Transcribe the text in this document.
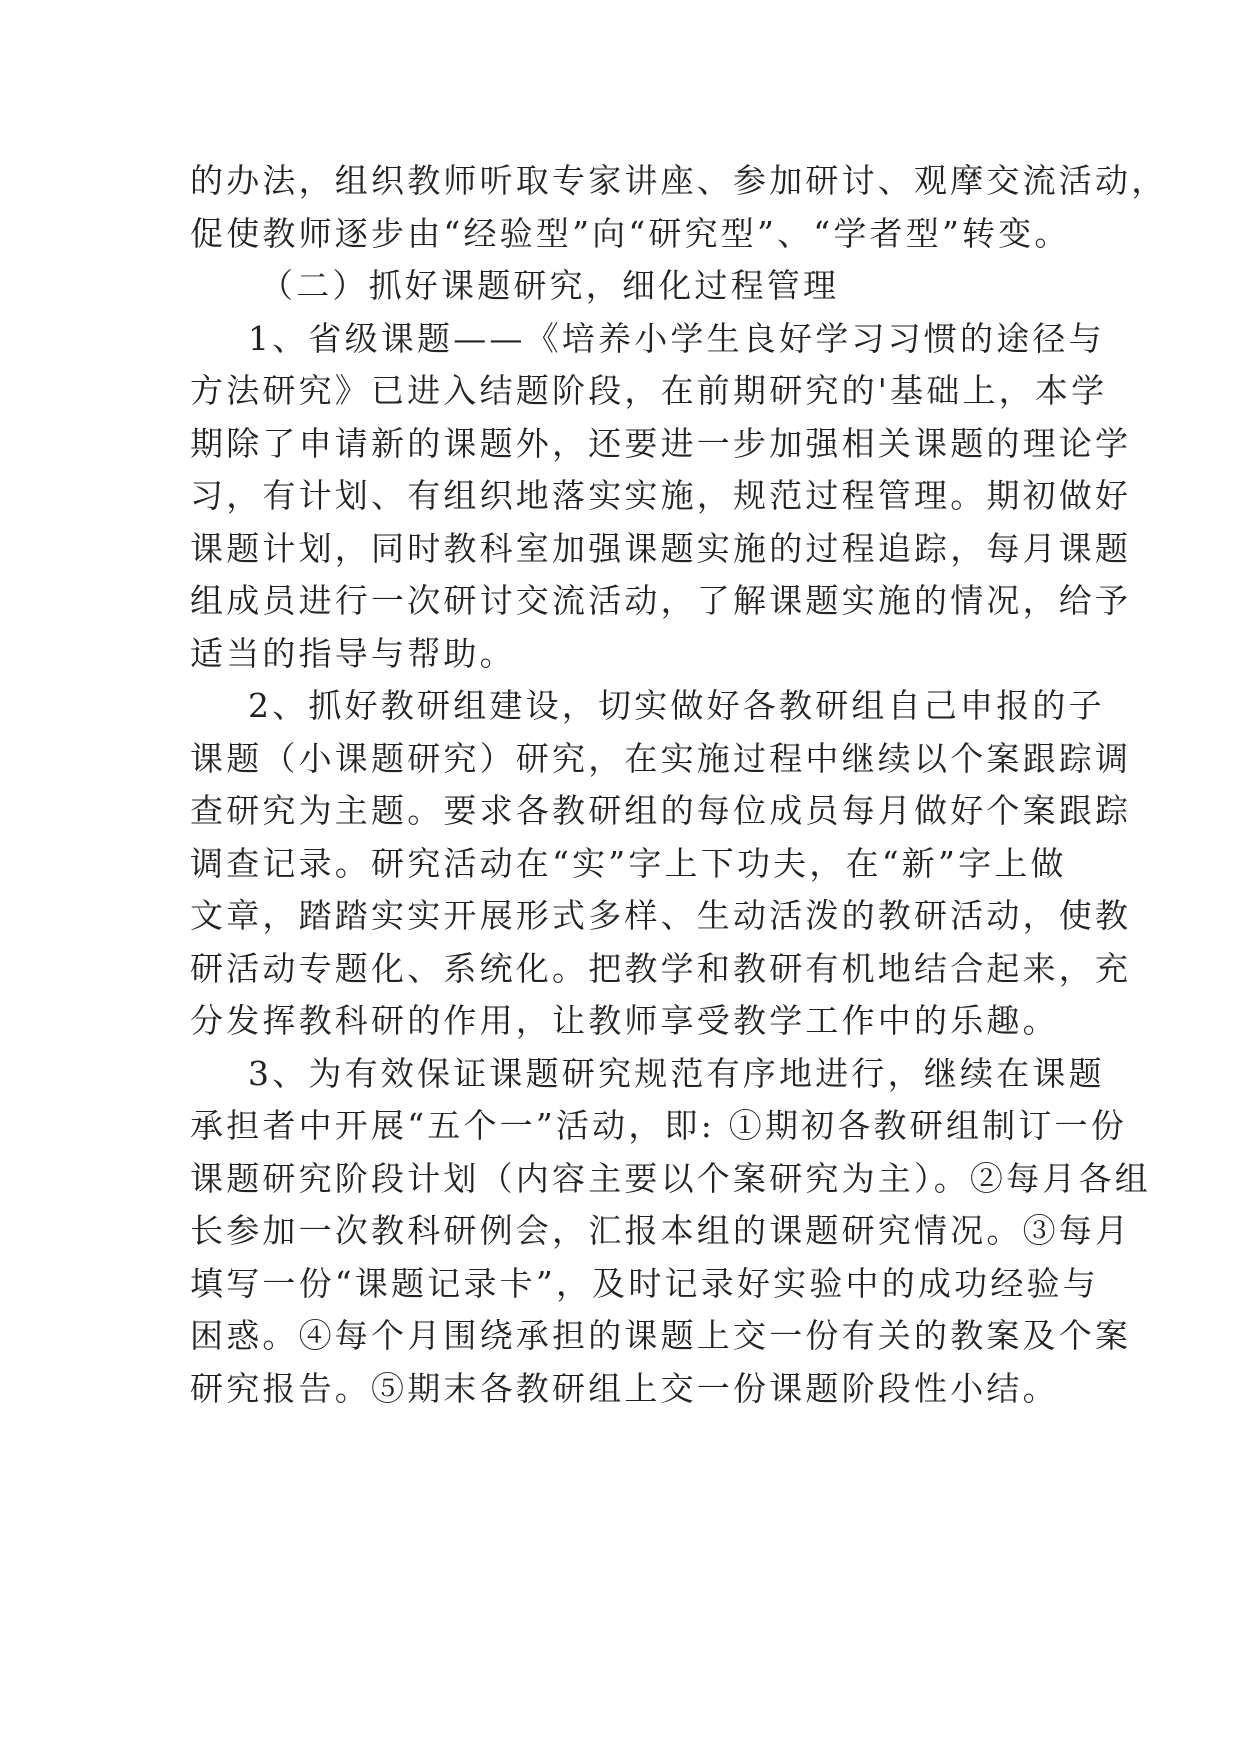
的办法，组织教师听取专家讲座、参加研讨、观摩交流活动，
促使教师逐步由“经验型”向“研究型”、“学者型”转变。
（二）抓好课题研究，细化过程管理
1、省级课题——《培养小学生良好学习习惯的途径与
方法研究》已进入结题阶段，在前期研究的'基础上，本学
期除了申请新的课题外，还要进一步加强相关课题的理论学
习，有计划、有组织地落实实施，规范过程管理。期初做好
课题计划，同时教科室加强课题实施的过程追踪，每月课题
组成员进行一次研讨交流活动，了解课题实施的情况，给予
适当的指导与帮助。
2、抓好教研组建设，切实做好各教研组自己申报的子
课题（小课题研究）研究，在实施过程中继续以个案跟踪调
查研究为主题。要求各教研组的每位成员每月做好个案跟踪
调查记录。研究活动在“实”字上下功夫，在“新”字上做
文章，踏踏实实开展形式多样、生动活泼的教研活动，使教
研活动专题化、系统化。把教学和教研有机地结合起来，充
分发挥教科研的作用，让教师享受教学工作中的乐趣。
3、为有效保证课题研究规范有序地进行，继续在课题
承担者中开展“五个一”活动，即: ①期初各教研组制订一份
课题研究阶段计划（内容主要以个案研究为主）。②每月各组
长参加一次教科研例会，汇报本组的课题研究情况。③每月
填写一份“课题记录卡”，及时记录好实验中的成功经验与
困惑。④每个月围绕承担的课题上交一份有关的教案及个案
研究报告。⑤期末各教研组上交一份课题阶段性小结。
